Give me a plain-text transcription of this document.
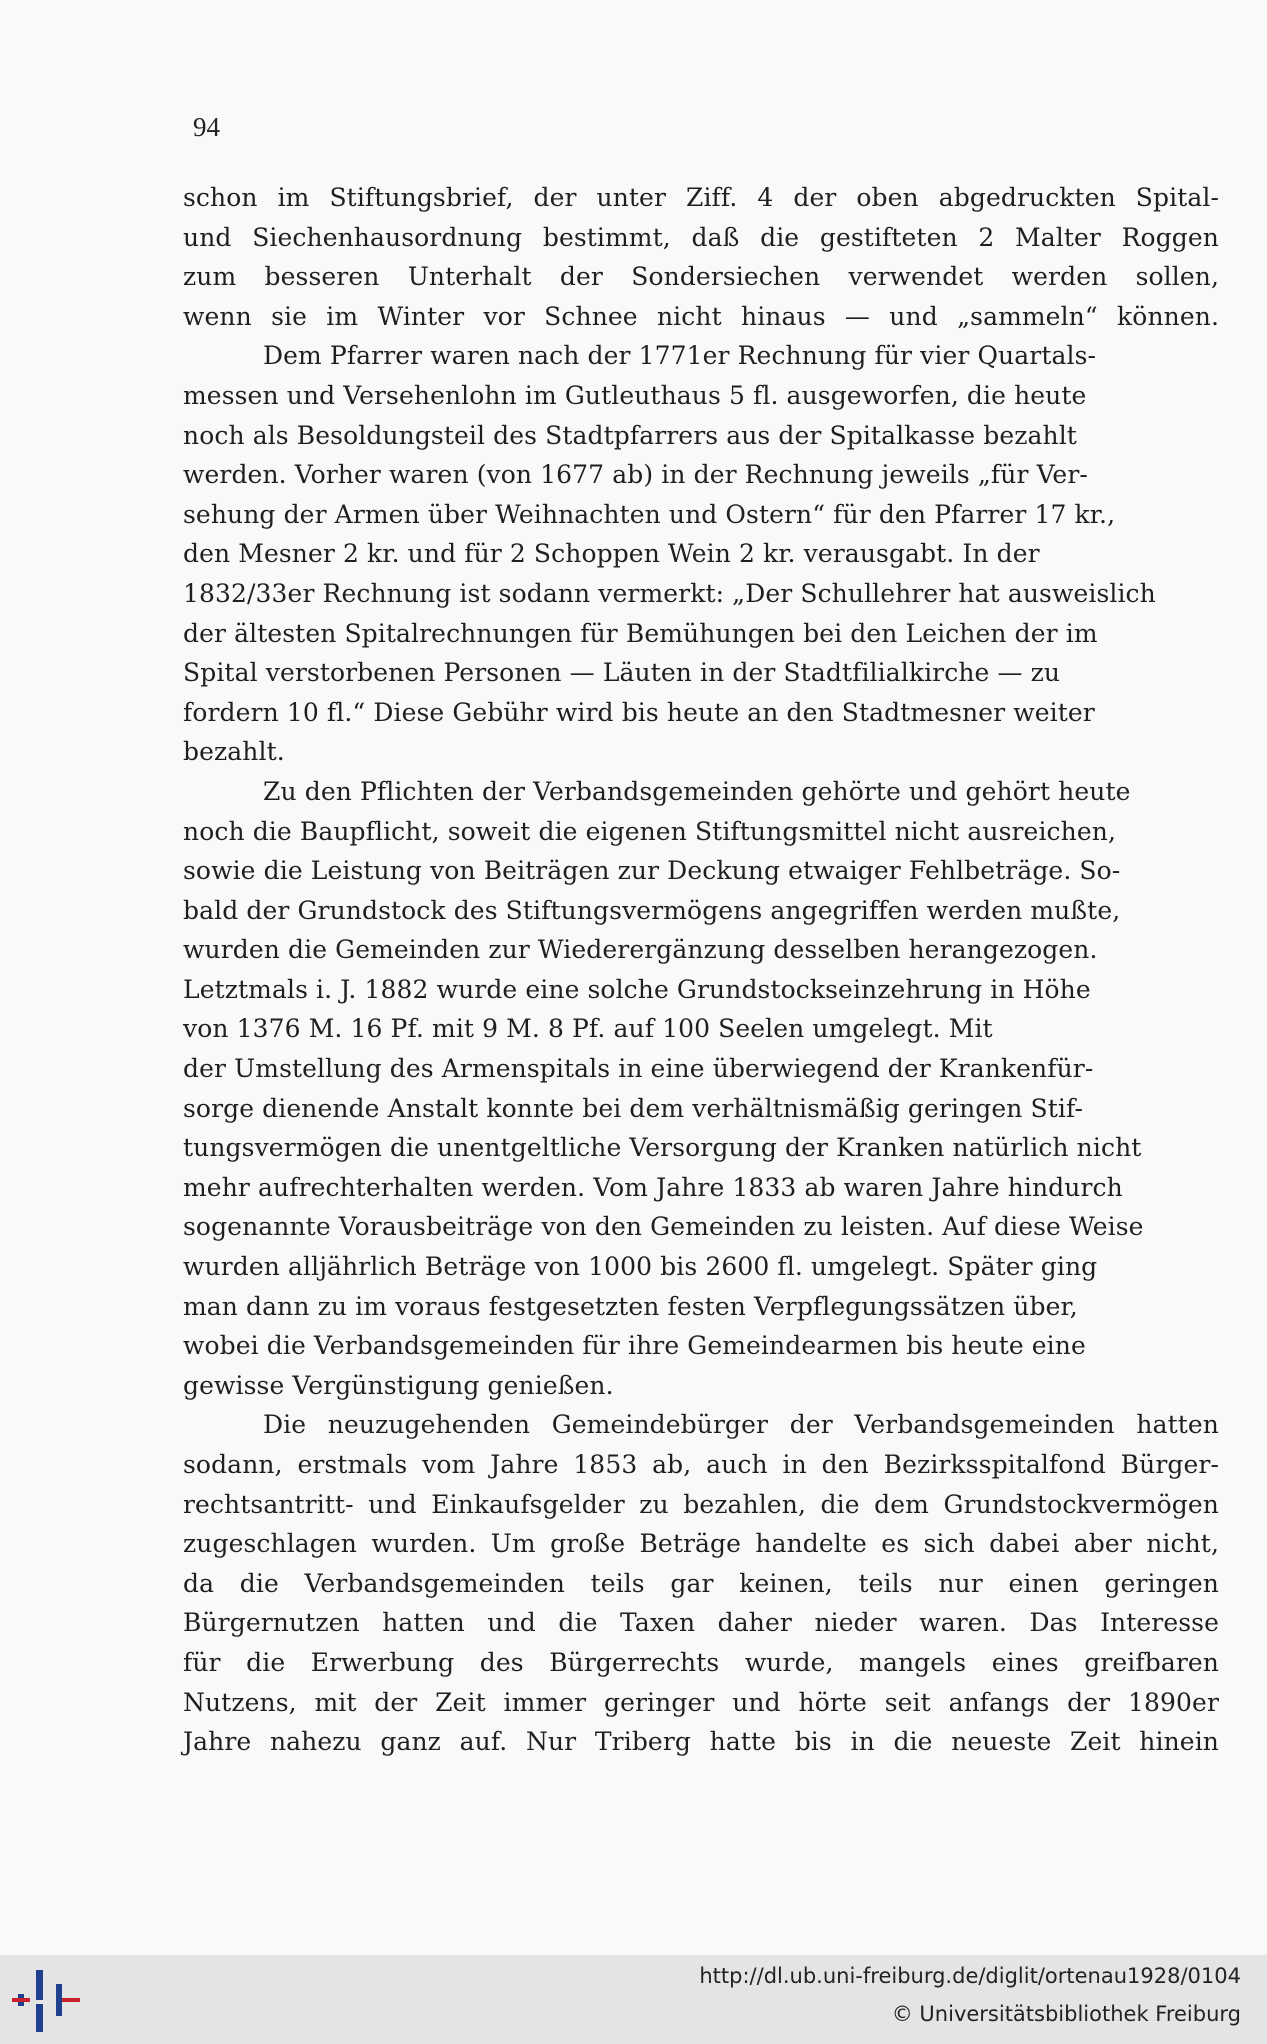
94

schon im Stiftungsbrief, der unter Ziff. 4 der oben abgedruckten Spital-
und Siechenhausordnung bestimmt, daß die gestifteten 2 Malter Roggen
zum besseren Unterhalt der Sondersiechen verwendet werden sollen,
wenn sie im Winter vor Schnee nicht hinaus — und „sammeln“ können.

Dem Pfarrer waren nach der 1771er Rechnung für vier Quartals-
messen und Versehenlohn im Gutleuthaus 5 fl. ausgeworfen, die heute
noch als Besoldungsteil des Stadtpfarrers aus der Spitalkasse bezahlt
werden. Vorher waren (von 1677 ab) in der Rechnung jeweils „für Ver-
sehung der Armen über Weihnachten und Ostern“ für den Pfarrer 17 kr.,
den Mesner 2 kr. und für 2 Schoppen Wein 2 kr. verausgabt. In der
1832/33er Rechnung ist sodann vermerkt: „Der Schullehrer hat ausweislich
der ältesten Spitalrechnungen für Bemühungen bei den Leichen der im
Spital verstorbenen Personen — Läuten in der Stadtfilialkirche — zu
fordern 10 fl.“ Diese Gebühr wird bis heute an den Stadtmesner weiter
bezahlt.

Zu den Pflichten der Verbandsgemeinden gehörte und gehört heute
noch die Baupflicht, soweit die eigenen Stiftungsmittel nicht ausreichen,
sowie die Leistung von Beiträgen zur Deckung etwaiger Fehlbeträge. So-
bald der Grundstock des Stiftungsvermögens angegriffen werden mußte,
wurden die Gemeinden zur Wiederergänzung desselben herangezogen.
Letztmals i. J. 1882 wurde eine solche Grundstockseinzehrung in Höhe
von 1376 M. 16 Pf. mit 9 M. 8 Pf. auf 100 Seelen umgelegt. Mit
der Umstellung des Armenspitals in eine überwiegend der Krankenfür-
sorge dienende Anstalt konnte bei dem verhältnismäßig geringen Stif-
tungsvermögen die unentgeltliche Versorgung der Kranken natürlich nicht
mehr aufrechterhalten werden. Vom Jahre 1833 ab waren Jahre hindurch
sogenannte Vorausbeiträge von den Gemeinden zu leisten. Auf diese Weise
wurden alljährlich Beträge von 1000 bis 2600 fl. umgelegt. Später ging
man dann zu im voraus festgesetzten festen Verpflegungssätzen über,
wobei die Verbandsgemeinden für ihre Gemeindearmen bis heute eine
gewisse Vergünstigung genießen.

Die neuzugehenden Gemeindebürger der Verbandsgemeinden hatten
sodann, erstmals vom Jahre 1853 ab, auch in den Bezirksspitalfond Bürger-
rechtsantritt- und Einkaufsgelder zu bezahlen, die dem Grundstockvermögen
zugeschlagen wurden. Um große Beträge handelte es sich dabei aber nicht,
da die Verbandsgemeinden teils gar keinen, teils nur einen geringen
Bürgernutzen hatten und die Taxen daher nieder waren. Das Interesse
für die Erwerbung des Bürgerrechts wurde, mangels eines greifbaren
Nutzens, mit der Zeit immer geringer und hörte seit anfangs der 1890er
Jahre nahezu ganz auf. Nur Triberg hatte bis in die neueste Zeit hinein

http://dl.ub.uni-freiburg.de/diglit/ortenau1928/0104
© Universitätsbibliothek Freiburg
